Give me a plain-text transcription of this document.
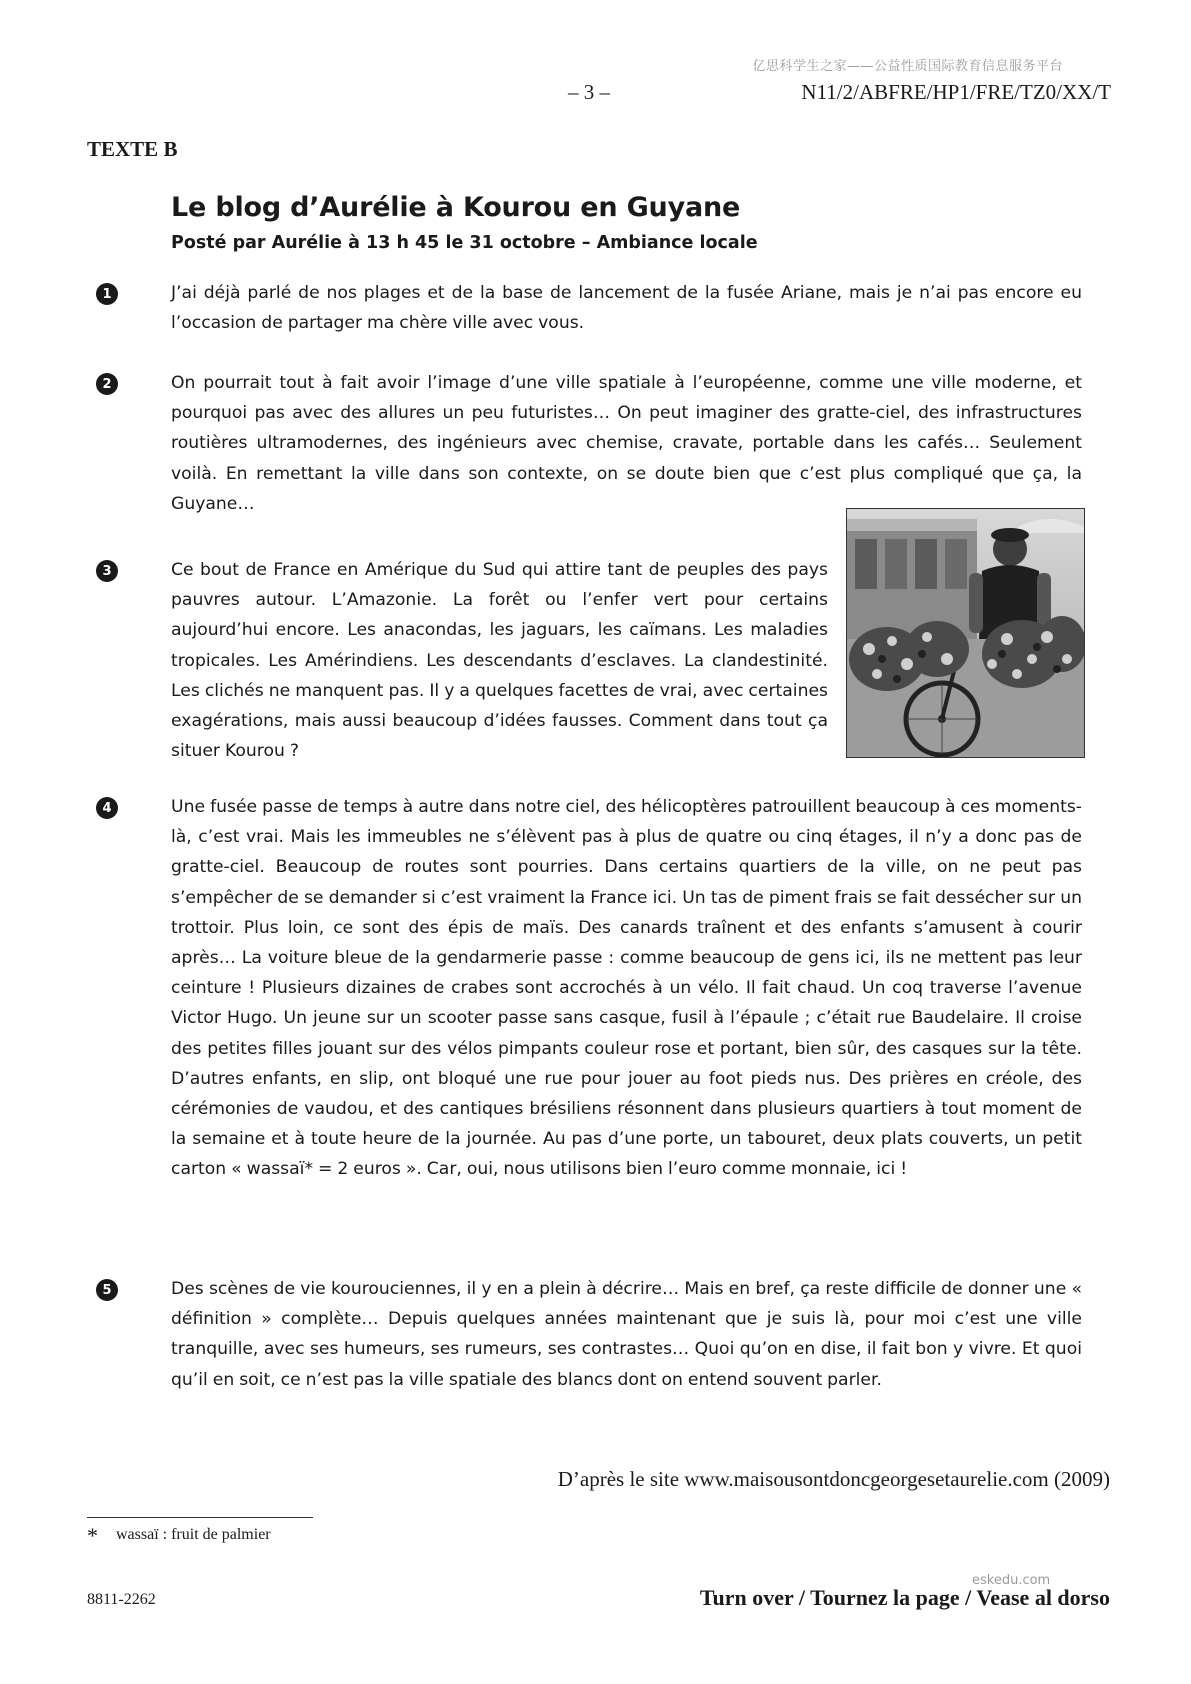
亿思科学生之家——公益性质国际教育信息服务平台
– 3 –	N11/2/ABFRE/HP1/FRE/TZ0/XX/T
TEXTE B
Le blog d’Aurélie à Kourou en Guyane
Posté par Aurélie à 13 h 45 le 31 octobre – Ambiance locale
1	J’ai déjà parlé de nos plages et de la base de lancement de la fusée Ariane, mais je n’ai pas encore eu l’occasion de partager ma chère ville avec vous.

2	On pourrait tout à fait avoir l’image d’une ville spatiale à l’européenne, comme une ville moderne, et pourquoi pas avec des allures un peu futuristes… On peut imaginer des gratte-ciel, des infrastructures routières ultramodernes, des ingénieurs avec chemise, cravate, portable dans les cafés… Seulement voilà. En remettant la ville dans son contexte, on se doute bien que c’est plus compliqué que ça, la Guyane…

3	Ce bout de France en Amérique du Sud qui attire tant de peuples des pays pauvres autour. L’Amazonie. La forêt ou l’enfer vert pour certains aujourd’hui encore. Les anacondas, les jaguars, les caïmans. Les maladies tropicales. Les Amérindiens. Les descendants d’esclaves. La clandestinité. Les clichés ne manquent pas. Il y a quelques facettes de vrai, avec certaines exagérations, mais aussi beaucoup d’idées fausses. Comment dans tout ça situer Kourou ?

4	Une fusée passe de temps à autre dans notre ciel, des hélicoptères patrouillent beaucoup à ces moments-là, c’est vrai. Mais les immeubles ne s’élèvent pas à plus de quatre ou cinq étages, il n’y a donc pas de gratte-ciel. Beaucoup de routes sont pourries. Dans certains quartiers de la ville, on ne peut pas s’empêcher de se demander si c’est vraiment la France ici. Un tas de piment frais se fait dessécher sur un trottoir. Plus loin, ce sont des épis de maïs. Des canards traînent et des enfants s’amusent à courir après… La voiture bleue de la gendarmerie passe : comme beaucoup de gens ici, ils ne mettent pas leur ceinture ! Plusieurs dizaines de crabes sont accrochés à un vélo. Il fait chaud. Un coq traverse l’avenue Victor Hugo. Un jeune sur un scooter passe sans casque, fusil à l’épaule ; c’était rue Baudelaire. Il croise des petites filles jouant sur des vélos pimpants couleur rose et portant, bien sûr, des casques sur la tête. D’autres enfants, en slip, ont bloqué une rue pour jouer au foot pieds nus. Des prières en créole, des cérémonies de vaudou, et des cantiques brésiliens résonnent dans plusieurs quartiers à tout moment de la semaine et à toute heure de la journée. Au pas d’une porte, un tabouret, deux plats couverts, un petit carton « wassaï* = 2 euros ». Car, oui, nous utilisons bien l’euro comme monnaie, ici !

5	Des scènes de vie kourouciennes, il y en a plein à décrire… Mais en bref, ça reste difficile de donner une « définition » complète… Depuis quelques années maintenant que je suis là, pour moi c’est une ville tranquille, avec ses humeurs, ses rumeurs, ses contrastes… Quoi qu’on en dise, il fait bon y vivre. Et quoi qu’il en soit, ce n’est pas la ville spatiale des blancs dont on entend souvent parler.

D’après le site www.maisousontdoncgeorgesetaurelie.com (2009)
* wassaï : fruit de palmier
8811-2262
eskedu.com
Turn over / Tournez la page / Vease al dorso
